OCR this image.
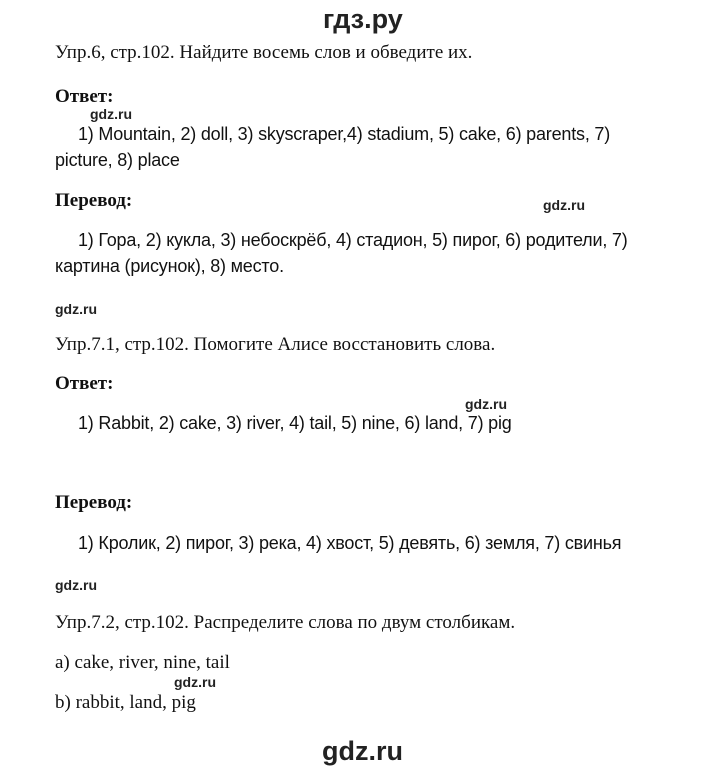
гдз.ру
Упр.6, стр.102. Найдите восемь слов и обведите их.
Ответ:
gdz.ru
1) Mountain, 2) doll, 3) skyscraper,4) stadium, 5) cake, 6) parents, 7)
picture, 8) place
Перевод:	gdz.ru
1) Гора, 2) кукла, 3) небоскрёб, 4) стадион, 5) пирог, 6) родители, 7)
картина (рисунок), 8) место.
gdz.ru
Упр.7.1, стр.102. Помогите Алисе восстановить слова.
Ответ:
gdz.ru
1) Rabbit, 2) cake, 3) river, 4) tail, 5) nine, 6) land, 7) pig
Перевод:
1) Кролик, 2) пирог, 3) река, 4) хвост, 5) девять, 6) земля, 7) свинья
gdz.ru
Упр.7.2, стр.102. Распределите слова по двум столбикам.
a) cake, river, nine, tail
gdz.ru
b) rabbit, land, pig
gdz.ru
